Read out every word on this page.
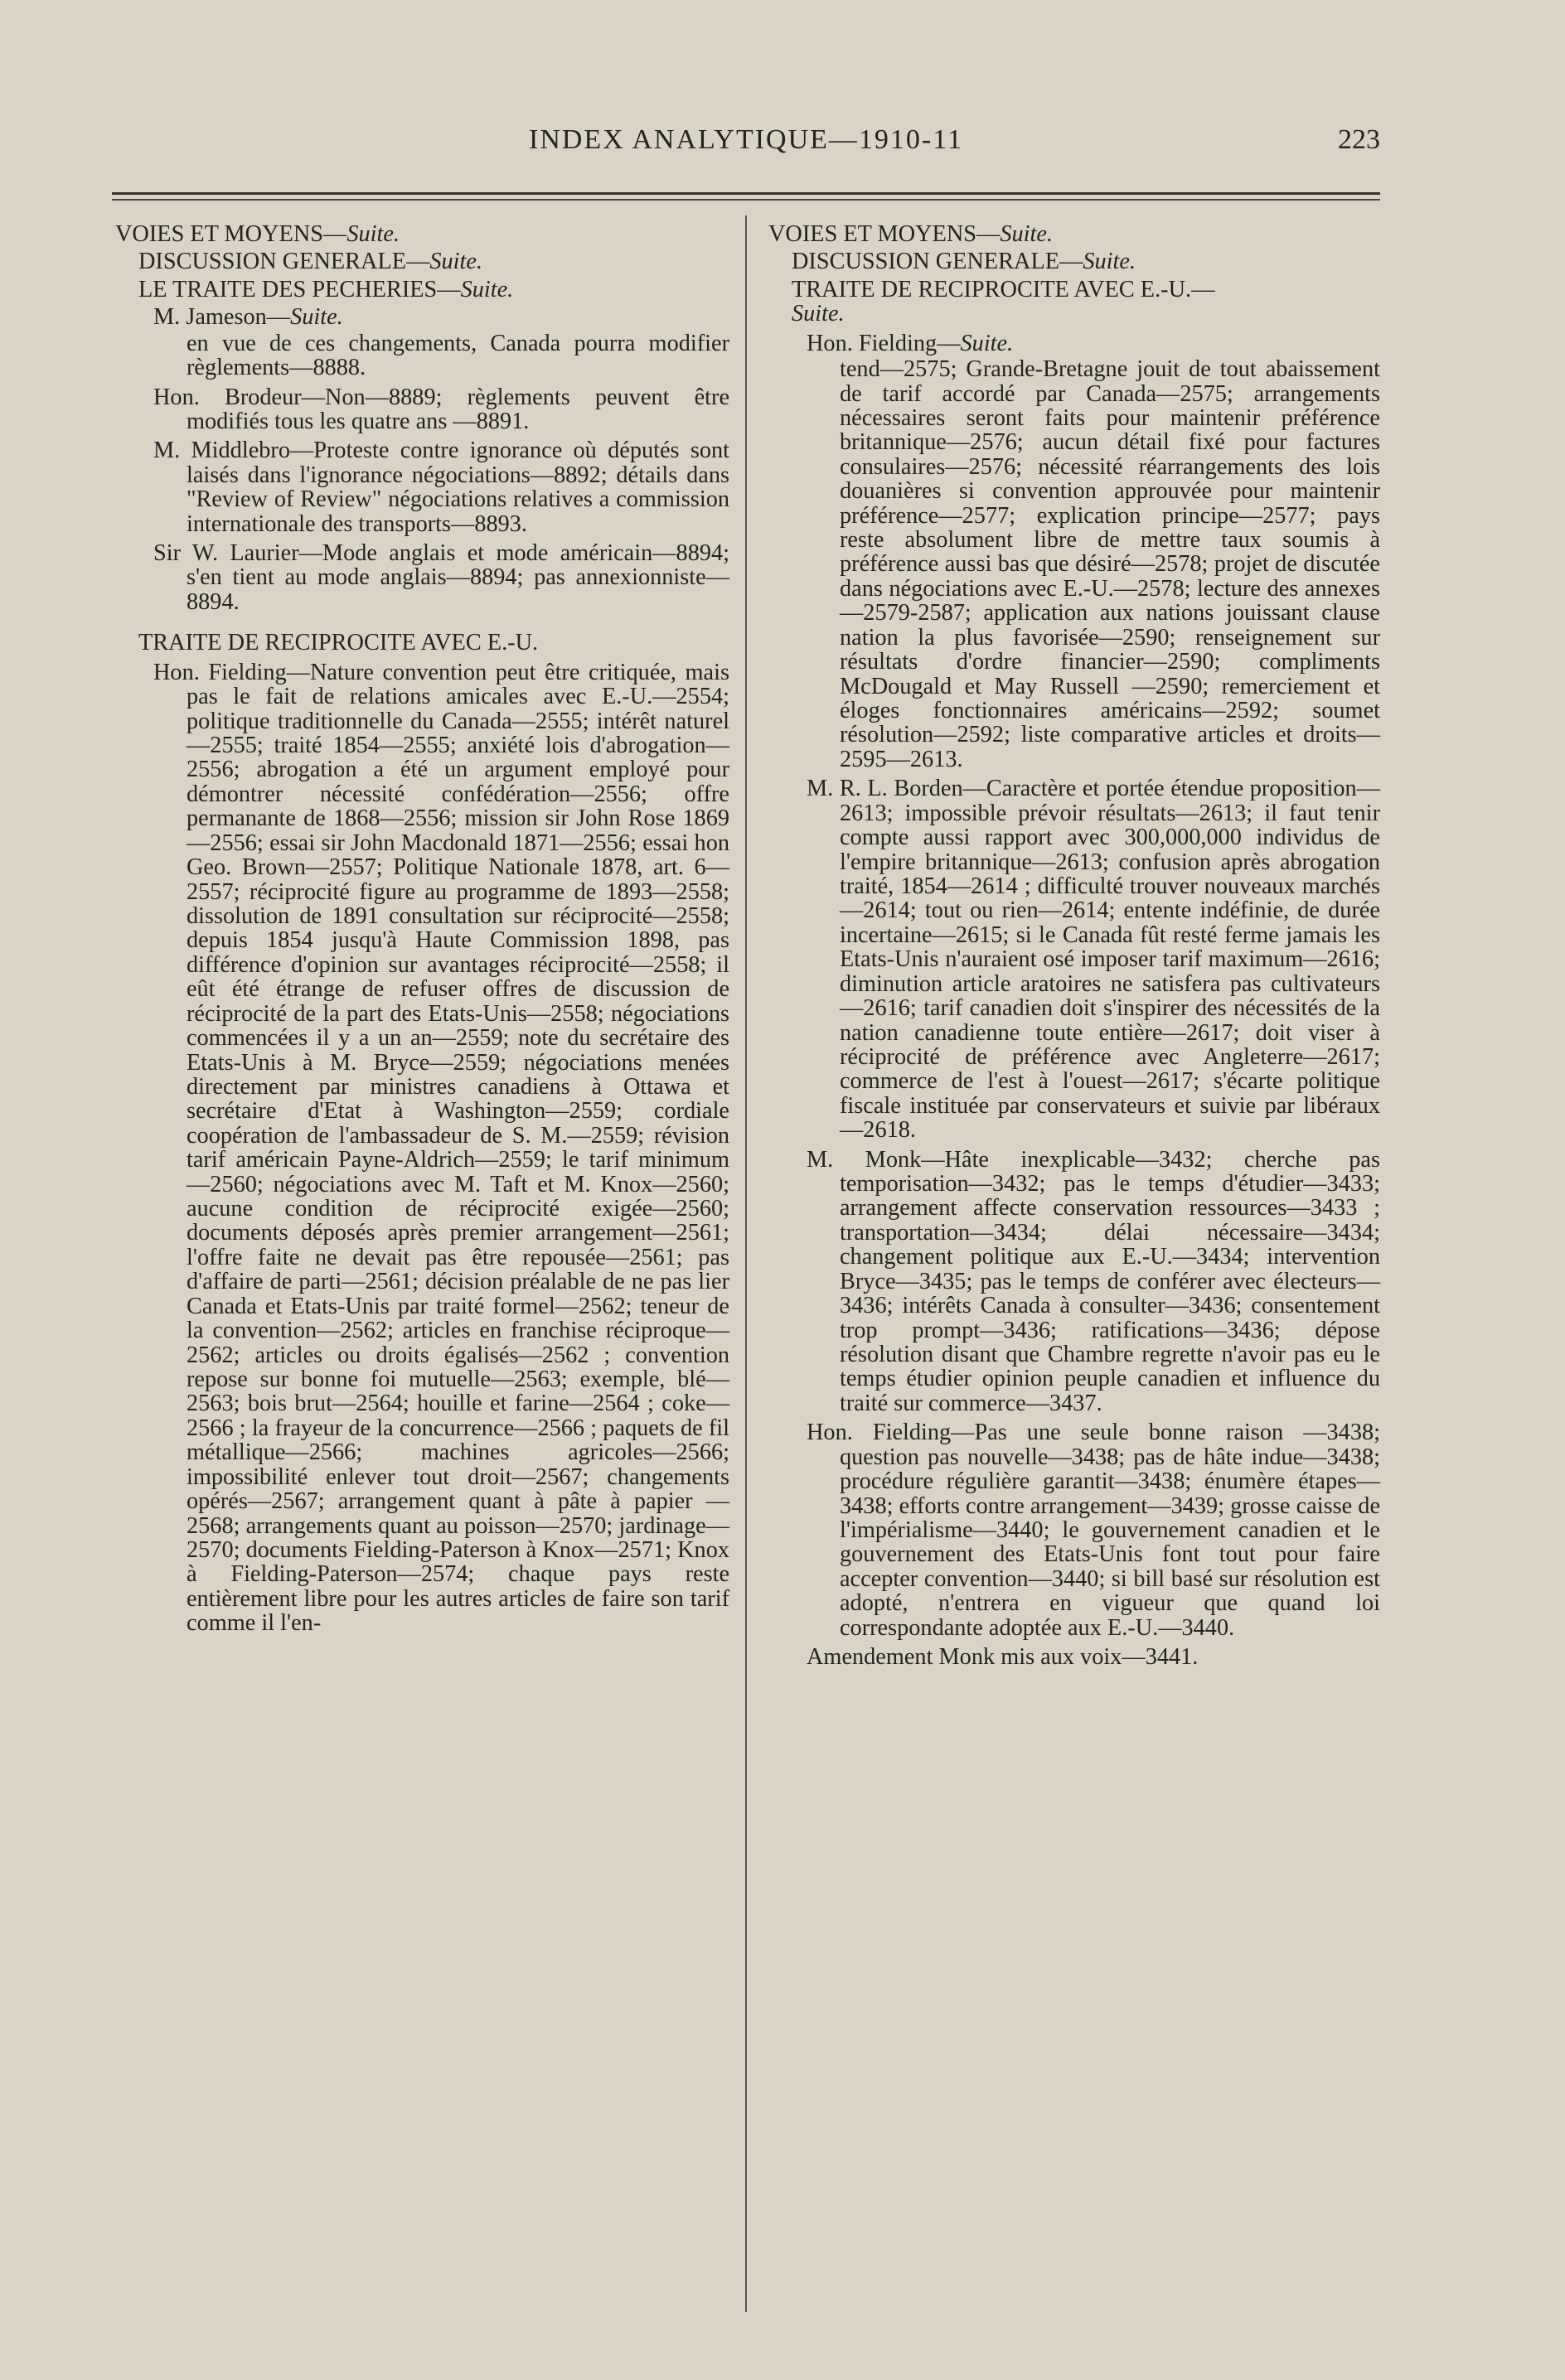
INDEX ANALYTIQUE—1910-11	223
VOIES ET MOYENS—Suite.
DISCUSSION GENERALE—Suite.
LE TRAITE DES PECHERIES—Suite.
M. Jameson—Suite.

en vue de ces changements, Canada pourra modifier règlements—8888.

Hon. Brodeur—Non—8889; règlements peuvent être modifiés tous les quatre ans —8891.

M. Middlebro—Proteste contre ignorance où députés sont laisés dans l'ignorance négociations—8892; détails dans "Review of Review" négociations relatives a commission internationale des transports—8893.

Sir W. Laurier—Mode anglais et mode américain—8894; s'en tient au mode anglais—8894; pas annexionniste—8894.

TRAITE DE RECIPROCITE AVEC E.-U.

Hon. Fielding—Nature convention peut être critiquée, mais pas le fait de relations amicales avec E.-U.—2554; politique traditionnelle du Canada—2555; intérêt naturel—2555; traité 1854—2555; anxiété lois d'abrogation—2556; abrogation a été un argument employé pour démontrer nécessité confédération—2556; offre permanante de 1868—2556; mission sir John Rose 1869—2556; essai sir John Macdonald 1871—2556; essai hon Geo. Brown—2557; Politique Nationale 1878, art. 6—2557; réciprocité figure au programme de 1893—2558; dissolution de 1891 consultation sur réciprocité—2558; depuis 1854 jusqu'à Haute Commission 1898, pas différence d'opinion sur avantages réciprocité—2558; il eût été étrange de refuser offres de discussion de réciprocité de la part des Etats-Unis—2558; négociations commencées il y a un an—2559; note du secrétaire des Etats-Unis à M. Bryce—2559; négociations menées directement par ministres canadiens à Ottawa et secrétaire d'Etat à Washington—2559; cordiale coopération de l'ambassadeur de S. M.—2559; révision tarif américain Payne-Aldrich—2559; le tarif minimum—2560; négociations avec M. Taft et M. Knox—2560; aucune condition de réciprocité exigée—2560; documents déposés après premier arrangement—2561; l'offre faite ne devait pas être repousée—2561; pas d'affaire de parti—2561; décision préalable de ne pas lier Canada et Etats-Unis par traité formel—2562; teneur de la convention—2562; articles en franchise réciproque—2562; articles ou droits égalisés—2562 ; convention repose sur bonne foi mutuelle—2563; exemple, blé—2563; bois brut—2564; houille et farine—2564 ; coke—2566 ; la frayeur de la concurrence—2566 ; paquets de fil métallique—2566; machines agricoles—2566; impossibilité enlever tout droit—2567; changements opérés—2567; arrangement quant à pâte à papier —2568; arrangements quant au poisson—2570; jardinage—2570; documents Fielding-Paterson à Knox—2571; Knox à Fielding-Paterson—2574; chaque pays reste entièrement libre pour les autres articles de faire son tarif comme il l'en-

VOIES ET MOYENS—Suite.
DISCUSSION GENERALE—Suite.
TRAITE DE RECIPROCITE AVEC E.-U.—
Suite.
Hon. Fielding—Suite.

tend—2575; Grande-Bretagne jouit de tout abaissement de tarif accordé par Canada—2575; arrangements nécessaires seront faits pour maintenir préférence britannique—2576; aucun détail fixé pour factures consulaires—2576; nécessité réarrangements des lois douanières si convention approuvée pour maintenir préférence—2577; explication principe—2577; pays reste absolument libre de mettre taux soumis à préférence aussi bas que désiré—2578; projet de discutée dans négociations avec E.-U.—2578; lecture des annexes—2579-2587; application aux nations jouissant clause nation la plus favorisée—2590; renseignement sur résultats d'ordre financier—2590; compliments McDougald et May Russell —2590; remerciement et éloges fonctionnaires américains—2592; soumet résolution—2592; liste comparative articles et droits—2595—2613.

M. R. L. Borden—Caractère et portée étendue proposition—2613; impossible prévoir résultats—2613; il faut tenir compte aussi rapport avec 300,000,000 individus de l'empire britannique—2613; confusion après abrogation traité, 1854—2614 ; difficulté trouver nouveaux marchés—2614; tout ou rien—2614; entente indéfinie, de durée incertaine—2615; si le Canada fût resté ferme jamais les Etats-Unis n'auraient osé imposer tarif maximum—2616; diminution article aratoires ne satisfera pas cultivateurs—2616; tarif canadien doit s'inspirer des nécessités de la nation canadienne toute entière—2617; doit viser à réciprocité de préférence avec Angleterre—2617; commerce de l'est à l'ouest—2617; s'écarte politique fiscale instituée par conservateurs et suivie par libéraux—2618.

M. Monk—Hâte inexplicable—3432; cherche pas temporisation—3432; pas le temps d'étudier—3433; arrangement affecte conservation ressources—3433 ; transportation—3434; délai nécessaire—3434; changement politique aux E.-U.—3434; intervention Bryce—3435; pas le temps de conférer avec électeurs—3436; intérêts Canada à consulter—3436; consentement trop prompt—3436; ratifications—3436; dépose résolution disant que Chambre regrette n'avoir pas eu le temps étudier opinion peuple canadien et influence du traité sur commerce—3437.

Hon. Fielding—Pas une seule bonne raison —3438; question pas nouvelle—3438; pas de hâte indue—3438; procédure régulière garantit—3438; énumère étapes—3438; efforts contre arrangement—3439; grosse caisse de l'impérialisme—3440; le gouvernement canadien et le gouvernement des Etats-Unis font tout pour faire accepter convention—3440; si bill basé sur résolution est adopté, n'entrera en vigueur que quand loi correspondante adoptée aux E.-U.—3440.

Amendement Monk mis aux voix—3441.
